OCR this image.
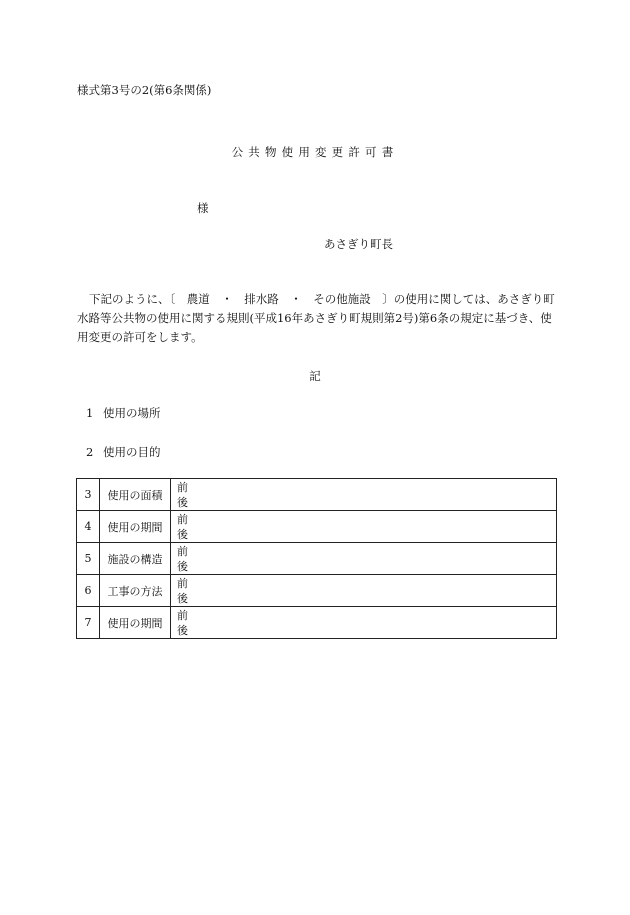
様式第3号の2(第6条関係)
公共物使用変更許可書
様
あさぎり町長
下記のように、〔　農道　・　排水路　・　その他施設　〕の使用に関しては、あさぎり町水路等公共物の使用に関する規則(平成16年あさぎり町規則第2号)第6条の規定に基づき、使用変更の許可をします。
記
1 使用の場所
2 使用の目的
3	使用の面積	前
後

4	使用の期間	前
後

5	施設の構造	前
後

6	工事の方法	前
後

7	使用の期間	前
後
